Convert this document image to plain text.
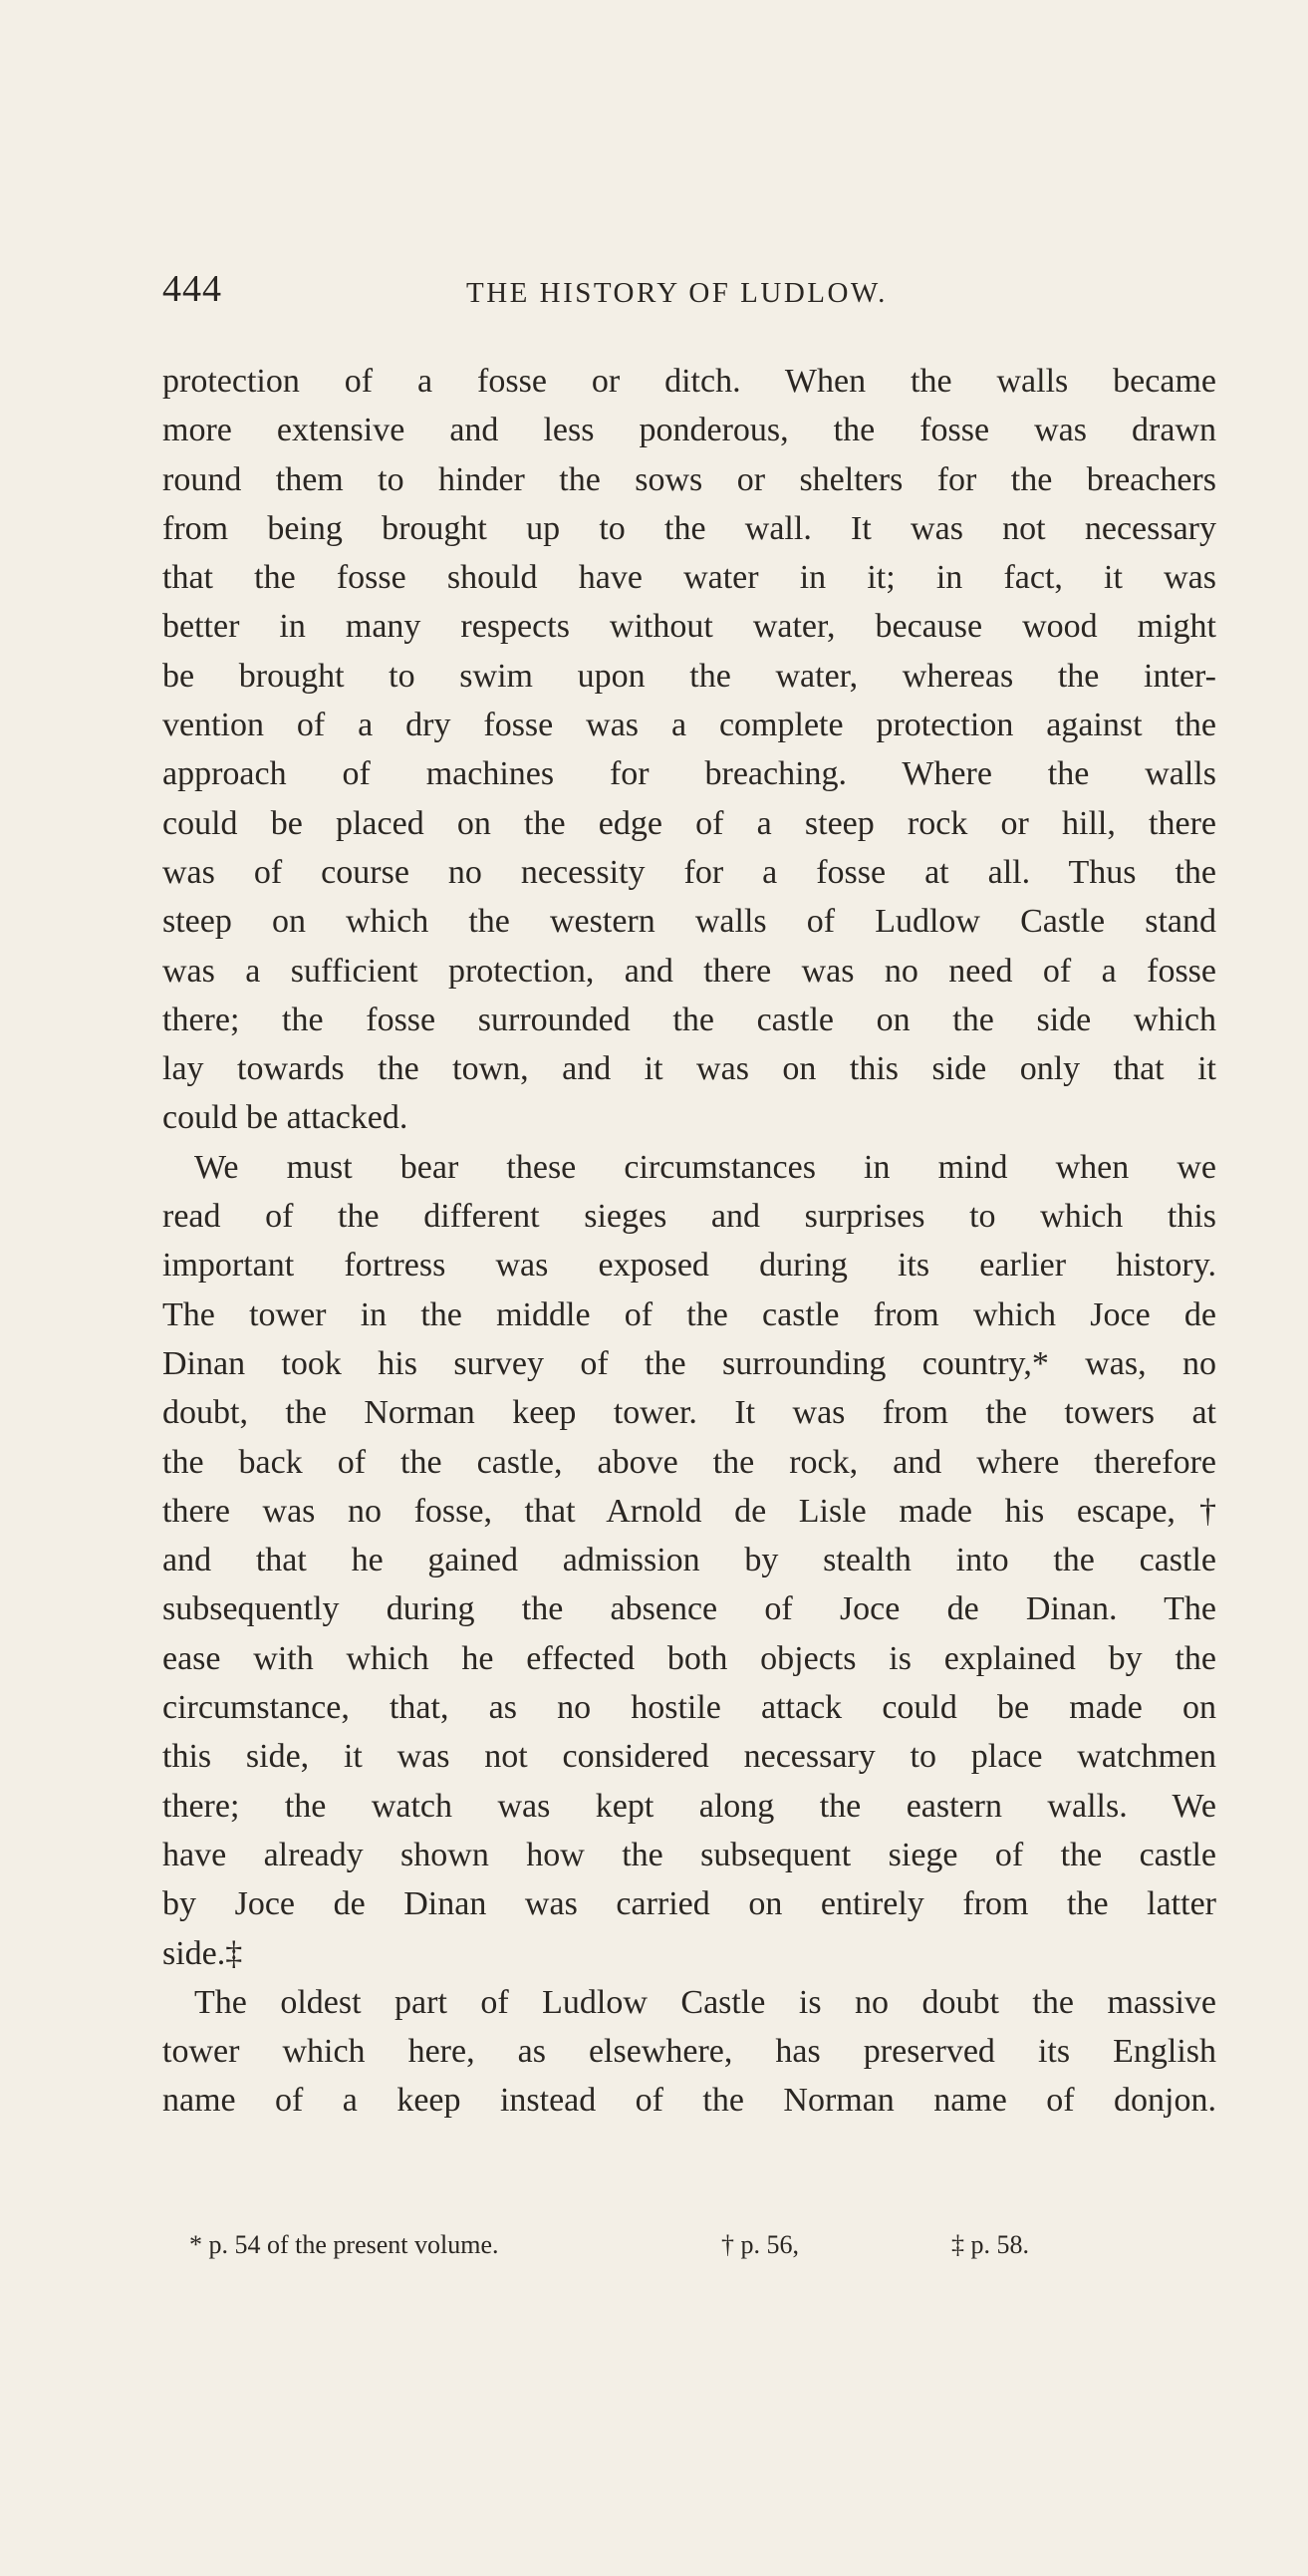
444	THE HISTORY OF LUDLOW.
protection of a fosse or ditch. When the walls became
more extensive and less ponderous, the fosse was drawn
round them to hinder the sows or shelters for the breachers
from being brought up to the wall. It was not necessary
that the fosse should have water in it; in fact, it was
better in many respects without water, because wood might
be brought to swim upon the water, whereas the inter-
vention of a dry fosse was a complete protection against the
approach of machines for breaching. Where the walls
could be placed on the edge of a steep rock or hill, there
was of course no necessity for a fosse at all. Thus the
steep on which the western walls of Ludlow Castle stand
was a sufficient protection, and there was no need of a fosse
there; the fosse surrounded the castle on the side which
lay towards the town, and it was on this side only that it
could be attacked.
We must bear these circumstances in mind when we
read of the different sieges and surprises to which this
important fortress was exposed during its earlier history.
The tower in the middle of the castle from which Joce de
Dinan took his survey of the surrounding country,* was, no
doubt, the Norman keep tower. It was from the towers at
the back of the castle, above the rock, and where therefore
there was no fosse, that Arnold de Lisle made his escape,†
and that he gained admission by stealth into the castle
subsequently during the absence of Joce de Dinan. The
ease with which he effected both objects is explained by the
circumstance, that, as no hostile attack could be made on
this side, it was not considered necessary to place watchmen
there; the watch was kept along the eastern walls. We
have already shown how the subsequent siege of the castle
by Joce de Dinan was carried on entirely from the latter
side.‡
The oldest part of Ludlow Castle is no doubt the massive
tower which here, as elsewhere, has preserved its English
name of a keep instead of the Norman name of donjon.
* p. 54 of the present volume.	† p. 56,	‡ p. 58.
